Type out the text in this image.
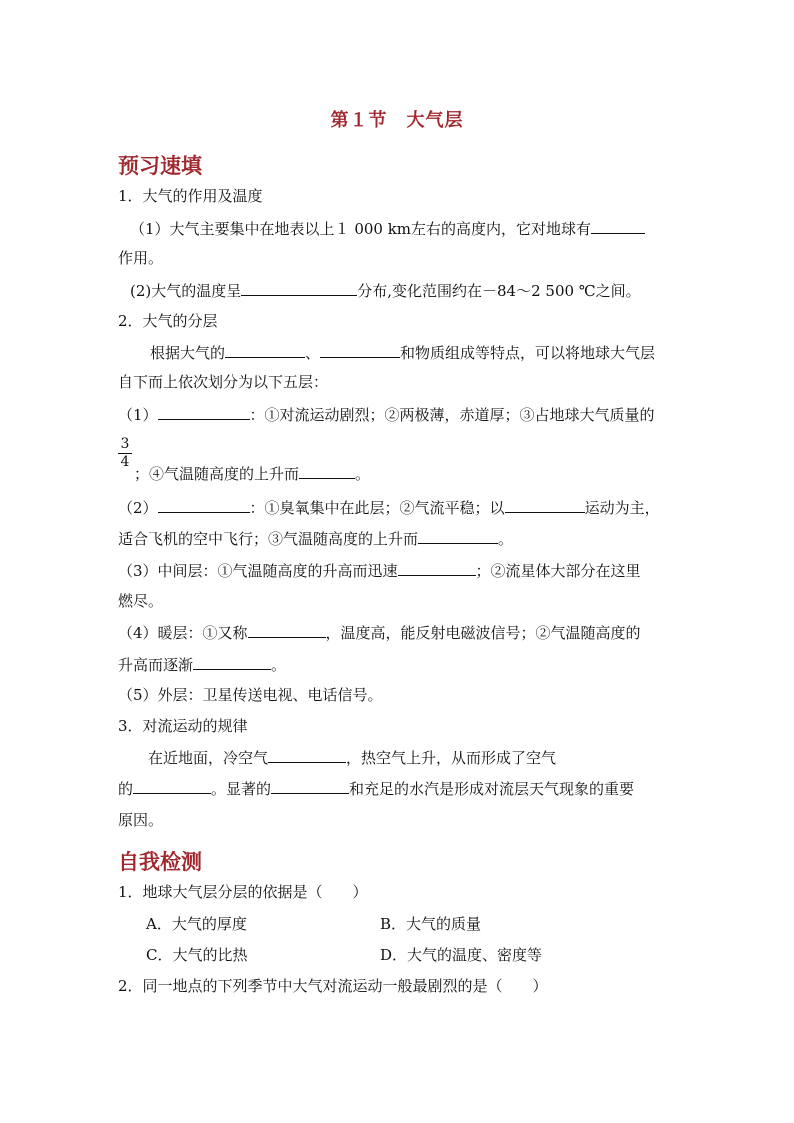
第１节　大气层
预习速填
1．大气的作用及温度
（1）大气主要集中在地表以上１ 000 km左右的高度内，它对地球有
作用。
(2)大气的温度呈	分布,变化范围约在－84～2 500 ℃之间。
2．大气的分层
根据大气的	、	和物质组成等特点，可以将地球大气层
自下而上依次划分为以下五层：
（1）	：①对流运动剧烈；②两极薄，赤道厚；③占地球大气质量的
$\frac{3}{4}$
；④气温随高度的上升而	。
（2）	：①臭氧集中在此层；②气流平稳；以	运动为主，
适合飞机的空中飞行；③气温随高度的上升而	。
（3）中间层：①气温随高度的升高而迅速	；②流星体大部分在这里
燃尽。
（4）暖层：①又称	，温度高，能反射电磁波信号；②气温随高度的
升高而逐渐	。
（5）外层：卫星传送电视、电话信号。
3．对流运动的规律
在近地面，冷空气	，热空气上升，从而形成了空气
的	。显著的	和充足的水汽是形成对流层天气现象的重要
原因。
自我检测
1．地球大气层分层的依据是（　　）
A．大气的厚度	B．大气的质量
C．大气的比热	D．大气的温度、密度等
2．同一地点的下列季节中大气对流运动一般最剧烈的是（　　）
